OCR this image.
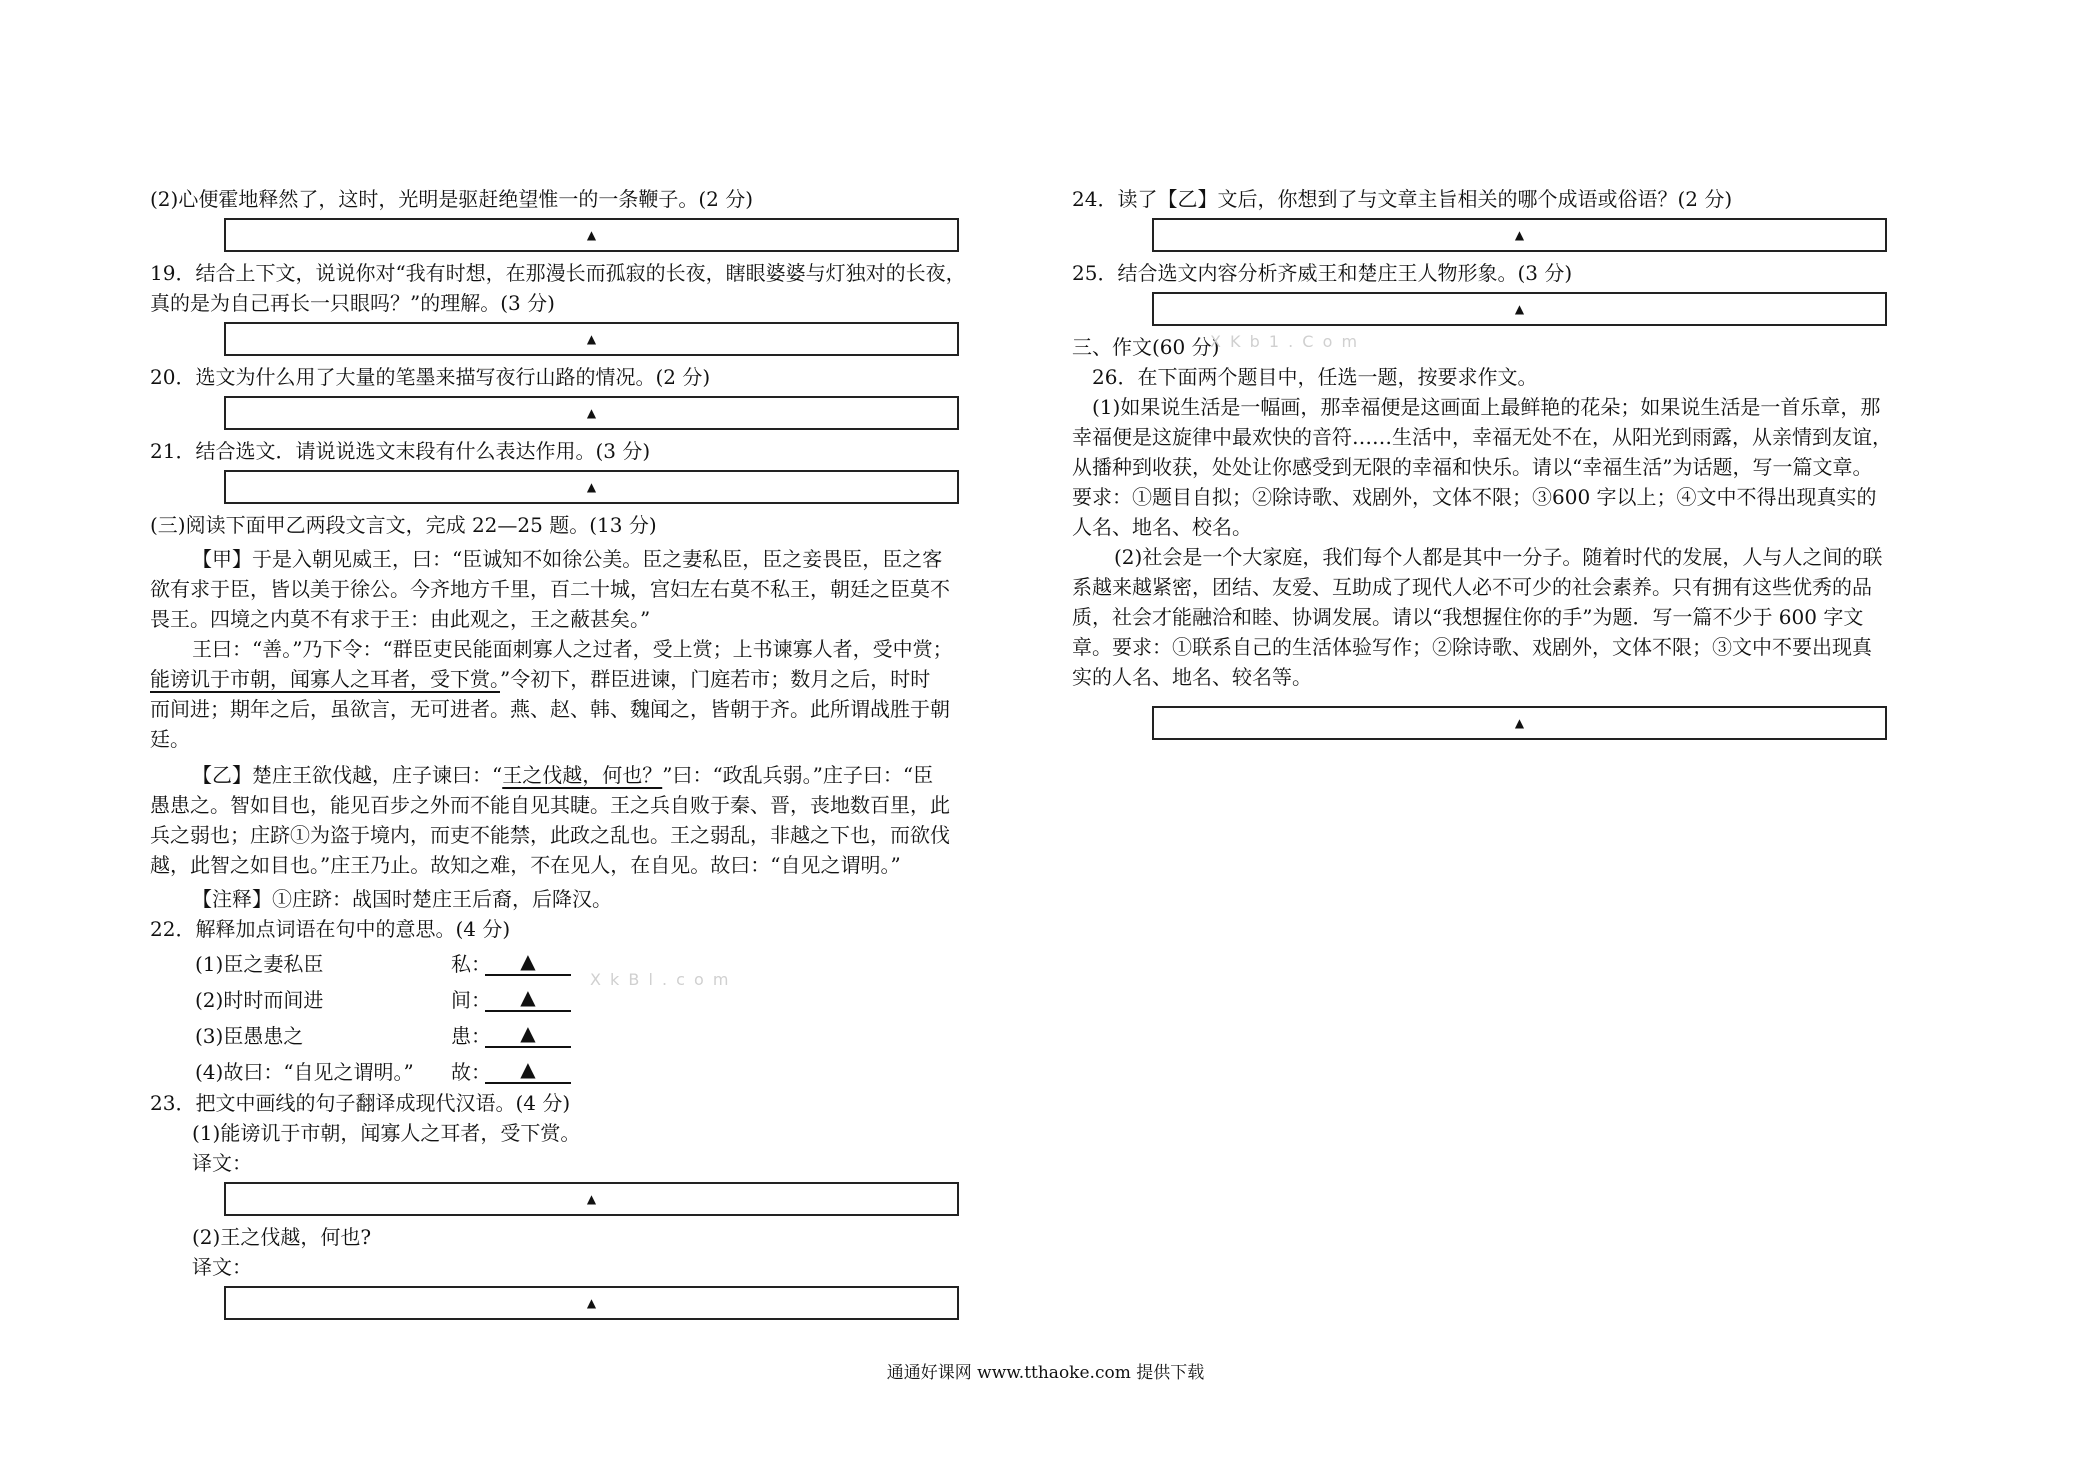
(2)心便霍地释然了，这时，光明是驱赶绝望惟一的一条鞭子。(2 分)
▲
19．结合上下文，说说你对“我有时想，在那漫长而孤寂的长夜，瞎眼婆婆与灯独对的长夜，
真的是为自己再长一只眼吗？”的理解。(3 分)
▲
20．选文为什么用了大量的笔墨来描写夜行山路的情况。(2 分)
▲
21．结合选文．请说说选文末段有什么表达作用。(3 分)
▲
(三)阅读下面甲乙两段文言文，完成 22—25 题。(13 分)
【甲】于是入朝见威王，曰：“臣诚知不如徐公美。臣之妻私臣，臣之妾畏臣，臣之客
欲有求于臣，皆以美于徐公。今齐地方千里，百二十城，宫妇左右莫不私王，朝廷之臣莫不
畏王。四境之内莫不有求于王：由此观之，王之蔽甚矣。”
王曰：“善。”乃下令：“群臣吏民能面刺寡人之过者，受上赏；上书谏寡人者，受中赏；
能谤讥于市朝，闻寡人之耳者，受下赏。”令初下，群臣进谏，门庭若市；数月之后，时时
而间进；期年之后，虽欲言，无可进者。燕、赵、韩、魏闻之，皆朝于齐。此所谓战胜于朝
廷。
【乙】楚庄王欲伐越，庄子谏曰：“王之伐越，何也？”曰：“政乱兵弱。”庄子曰：“臣
愚患之。智如目也，能见百步之外而不能自见其睫。王之兵自败于秦、晋，丧地数百里，此
兵之弱也；庄跻①为盗于境内，而吏不能禁，此政之乱也。王之弱乱，非越之下也，而欲伐
越，此智之如目也。”庄王乃止。故知之难，不在见人，在自见。故曰：“自见之谓明。”
【注释】①庄跻：战国时楚庄王后裔，后降汉。
22．解释加点词语在句中的意思。(4 分)
(1)臣之妻私臣	私：	▲
(2)时时而间进	间：	▲
(3)臣愚患之	患：	▲
(4)故曰：“自见之谓明。”	故：	▲
23．把文中画线的句子翻译成现代汉语。(4 分)
(1)能谤讥于市朝，闻寡人之耳者，受下赏。
译文：
▲
(2)王之伐越，何也?
译文：
▲
24．读了【乙】文后，你想到了与文章主旨相关的哪个成语或俗语？(2 分)
▲
25．结合选文内容分析齐威王和楚庄王人物形象。(3 分)
▲
三、作文(60 分)
26．在下面两个题目中，任选一题，按要求作文。
(1)如果说生活是一幅画，那幸福便是这画面上最鲜艳的花朵；如果说生活是一首乐章，那
幸福便是这旋律中最欢快的音符……生活中，幸福无处不在，从阳光到雨露，从亲情到友谊，
从播种到收获，处处让你感受到无限的幸福和快乐。请以“幸福生活”为话题，写一篇文章。
要求：①题目自拟；②除诗歌、戏剧外，文体不限；③600 字以上；④文中不得出现真实的
人名、地名、校名。
(2)社会是一个大家庭，我们每个人都是其中一分子。随着时代的发展，人与人之间的联
系越来越紧密，团结、友爱、互助成了现代人必不可少的社会素养。只有拥有这些优秀的品
质，社会才能融洽和睦、协调发展。请以“我想握住你的手”为题．写一篇不少于 600 字文
章。要求：①联系自己的生活体验写作；②除诗歌、戏剧外，文体不限；③文中不要出现真
实的人名、地名、较名等。
▲
X K b 1 . C o m
X k B l . c o m
通通好课网 www.tthaoke.com 提供下载
